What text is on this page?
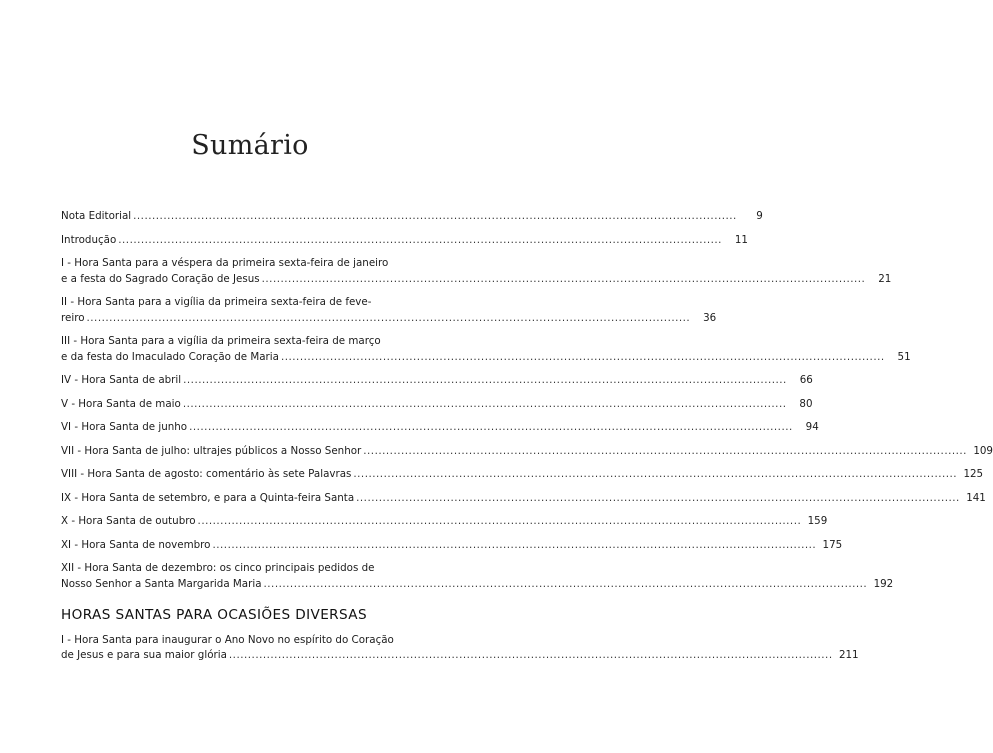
Sumário
Nota Editorial ................................................................................................................................................................	9
Introdução ................................................................................................................................................................	11
I - Hora Santa para a véspera da primeira sexta-feira de janeiro
e a festa do Sagrado Coração de Jesus ................................................................................................................................................................	21
II - Hora Santa para a vigília da primeira sexta-feira de feve-
reiro ................................................................................................................................................................	36
III - Hora Santa para a vigília da primeira sexta-feira de março
e da festa do Imaculado Coração de Maria ................................................................................................................................................................	51
IV - Hora Santa de abril ................................................................................................................................................................	66
V - Hora Santa de maio ................................................................................................................................................................	80
VI - Hora Santa de junho ................................................................................................................................................................	94
VII - Hora Santa de julho: ultrajes públicos a Nosso Senhor ................................................................................................................................................................ 109
VIII - Hora Santa de agosto: comentário às sete Palavras ................................................................................................................................................................ 125
IX - Hora Santa de setembro, e para a Quinta-feira Santa ................................................................................................................................................................ 141
X - Hora Santa de outubro ................................................................................................................................................................ 159
XI - Hora Santa de novembro ................................................................................................................................................................ 175
XII - Hora Santa de dezembro: os cinco principais pedidos de
Nosso Senhor a Santa Margarida Maria ................................................................................................................................................................ 192
HORAS SANTAS PARA OCASIÕES DIVERSAS
I - Hora Santa para inaugurar o Ano Novo no espírito do Coração
de Jesus e para sua maior glória ................................................................................................................................................................ 211
